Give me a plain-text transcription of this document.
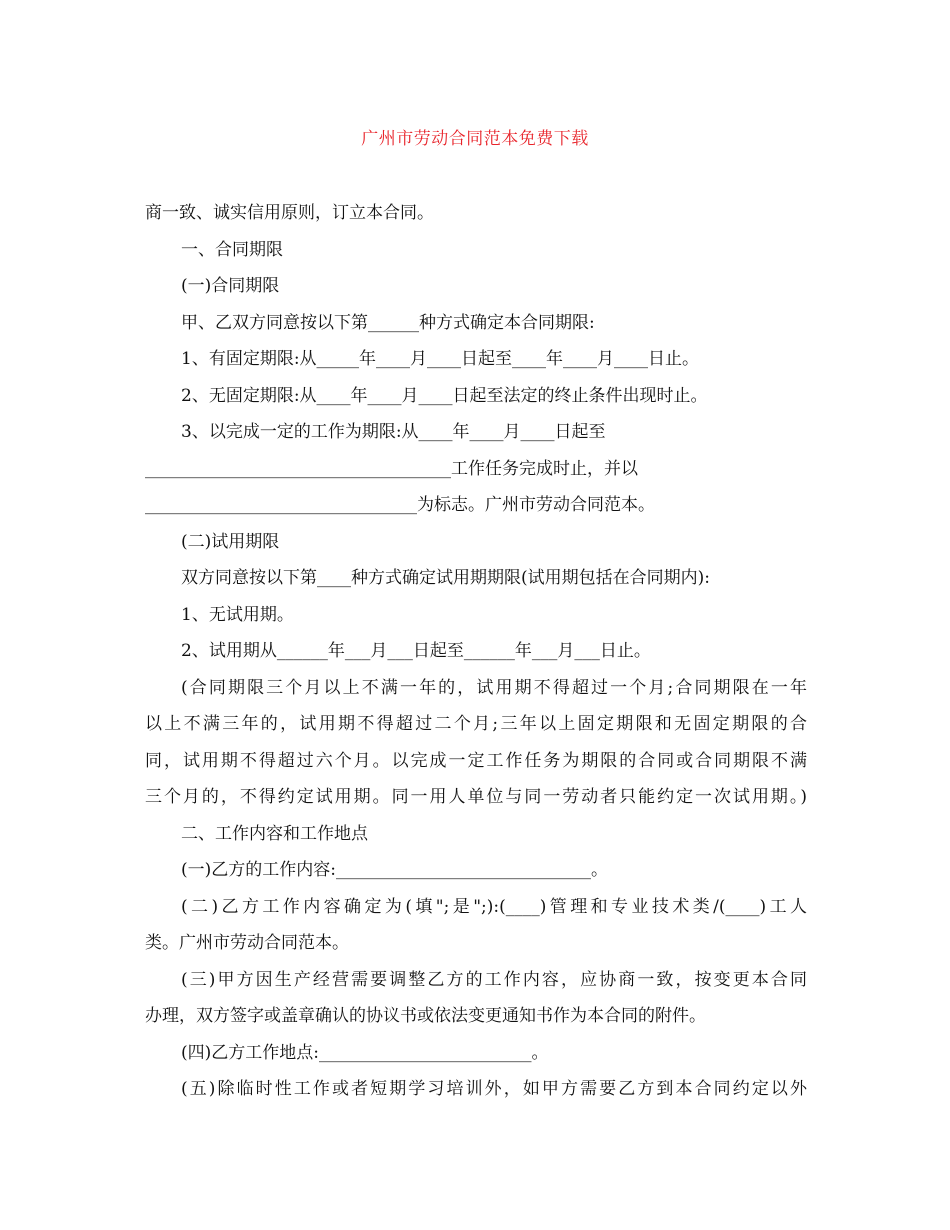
广州市劳动合同范本免费下载
商一致、诚实信用原则，订立本合同。
一、合同期限
(一)合同期限
甲、乙双方同意按以下第______种方式确定本合同期限:
1、有固定期限:从_____年____月____日起至____年____月____日止。
2、无固定期限:从____年____月____日起至法定的终止条件出现时止。
3、以完成一定的工作为期限:从____年____月____日起至
____________________________________工作任务完成时止，并以
________________________________为标志。广州市劳动合同范本。
(二)试用期限
双方同意按以下第____种方式确定试用期期限(试用期包括在合同期内):
1、无试用期。
2、试用期从______年___月___日起至______年___月___日止。
(合同期限三个月以上不满一年的，试用期不得超过一个月;合同期限在一年
以上不满三年的，试用期不得超过二个月;三年以上固定期限和无固定期限的合
同，试用期不得超过六个月。以完成一定工作任务为期限的合同或合同期限不满
三个月的，不得约定试用期。同一用人单位与同一劳动者只能约定一次试用期。)
二、工作内容和工作地点
(一)乙方的工作内容:______________________________。
(二)乙方工作内容确定为(填";是";):(____)管理和专业技术类/(____)工人
类。广州市劳动合同范本。
(三)甲方因生产经营需要调整乙方的工作内容，应协商一致，按变更本合同
办理，双方签字或盖章确认的协议书或依法变更通知书作为本合同的附件。
(四)乙方工作地点:_________________________。
(五)除临时性工作或者短期学习培训外，如甲方需要乙方到本合同约定以外
